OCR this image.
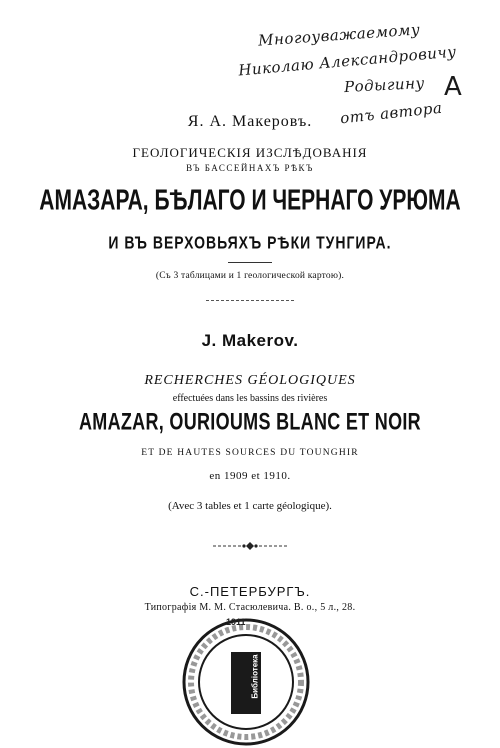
Многоуважаемому
Николаю Александровичу
Родыгину
отъ автора
А
Я. А. Макеровъ.
ГЕОЛОГИЧЕСКІЯ ИЗСЛѢДОВАНІЯ
ВЪ БАССЕЙНАХЪ РѢКЪ
АМАЗАРА, БѢЛАГО И ЧЕРНАГО УРЮМА
И ВЪ ВЕРХОВЬЯХЪ РѢКИ ТУНГИРА.
(Съ 3 таблицами и 1 геологической картою).
J. Makerov.
RECHERCHES GÉOLOGIQUES
effectuées dans les bassins des rivières
AMAZAR, OURIOUMS BLANC ET NOIR
ET DE HAUTES SOURCES DU TOUNGHIR
en 1909 et 1910.
(Avec 3 tables et 1 carte géologique).
С.-ПЕТЕРБУРГЪ.
Типографія М. М. Стасюлевича. В. о., 5 л., 28.
1911
Библіотека
